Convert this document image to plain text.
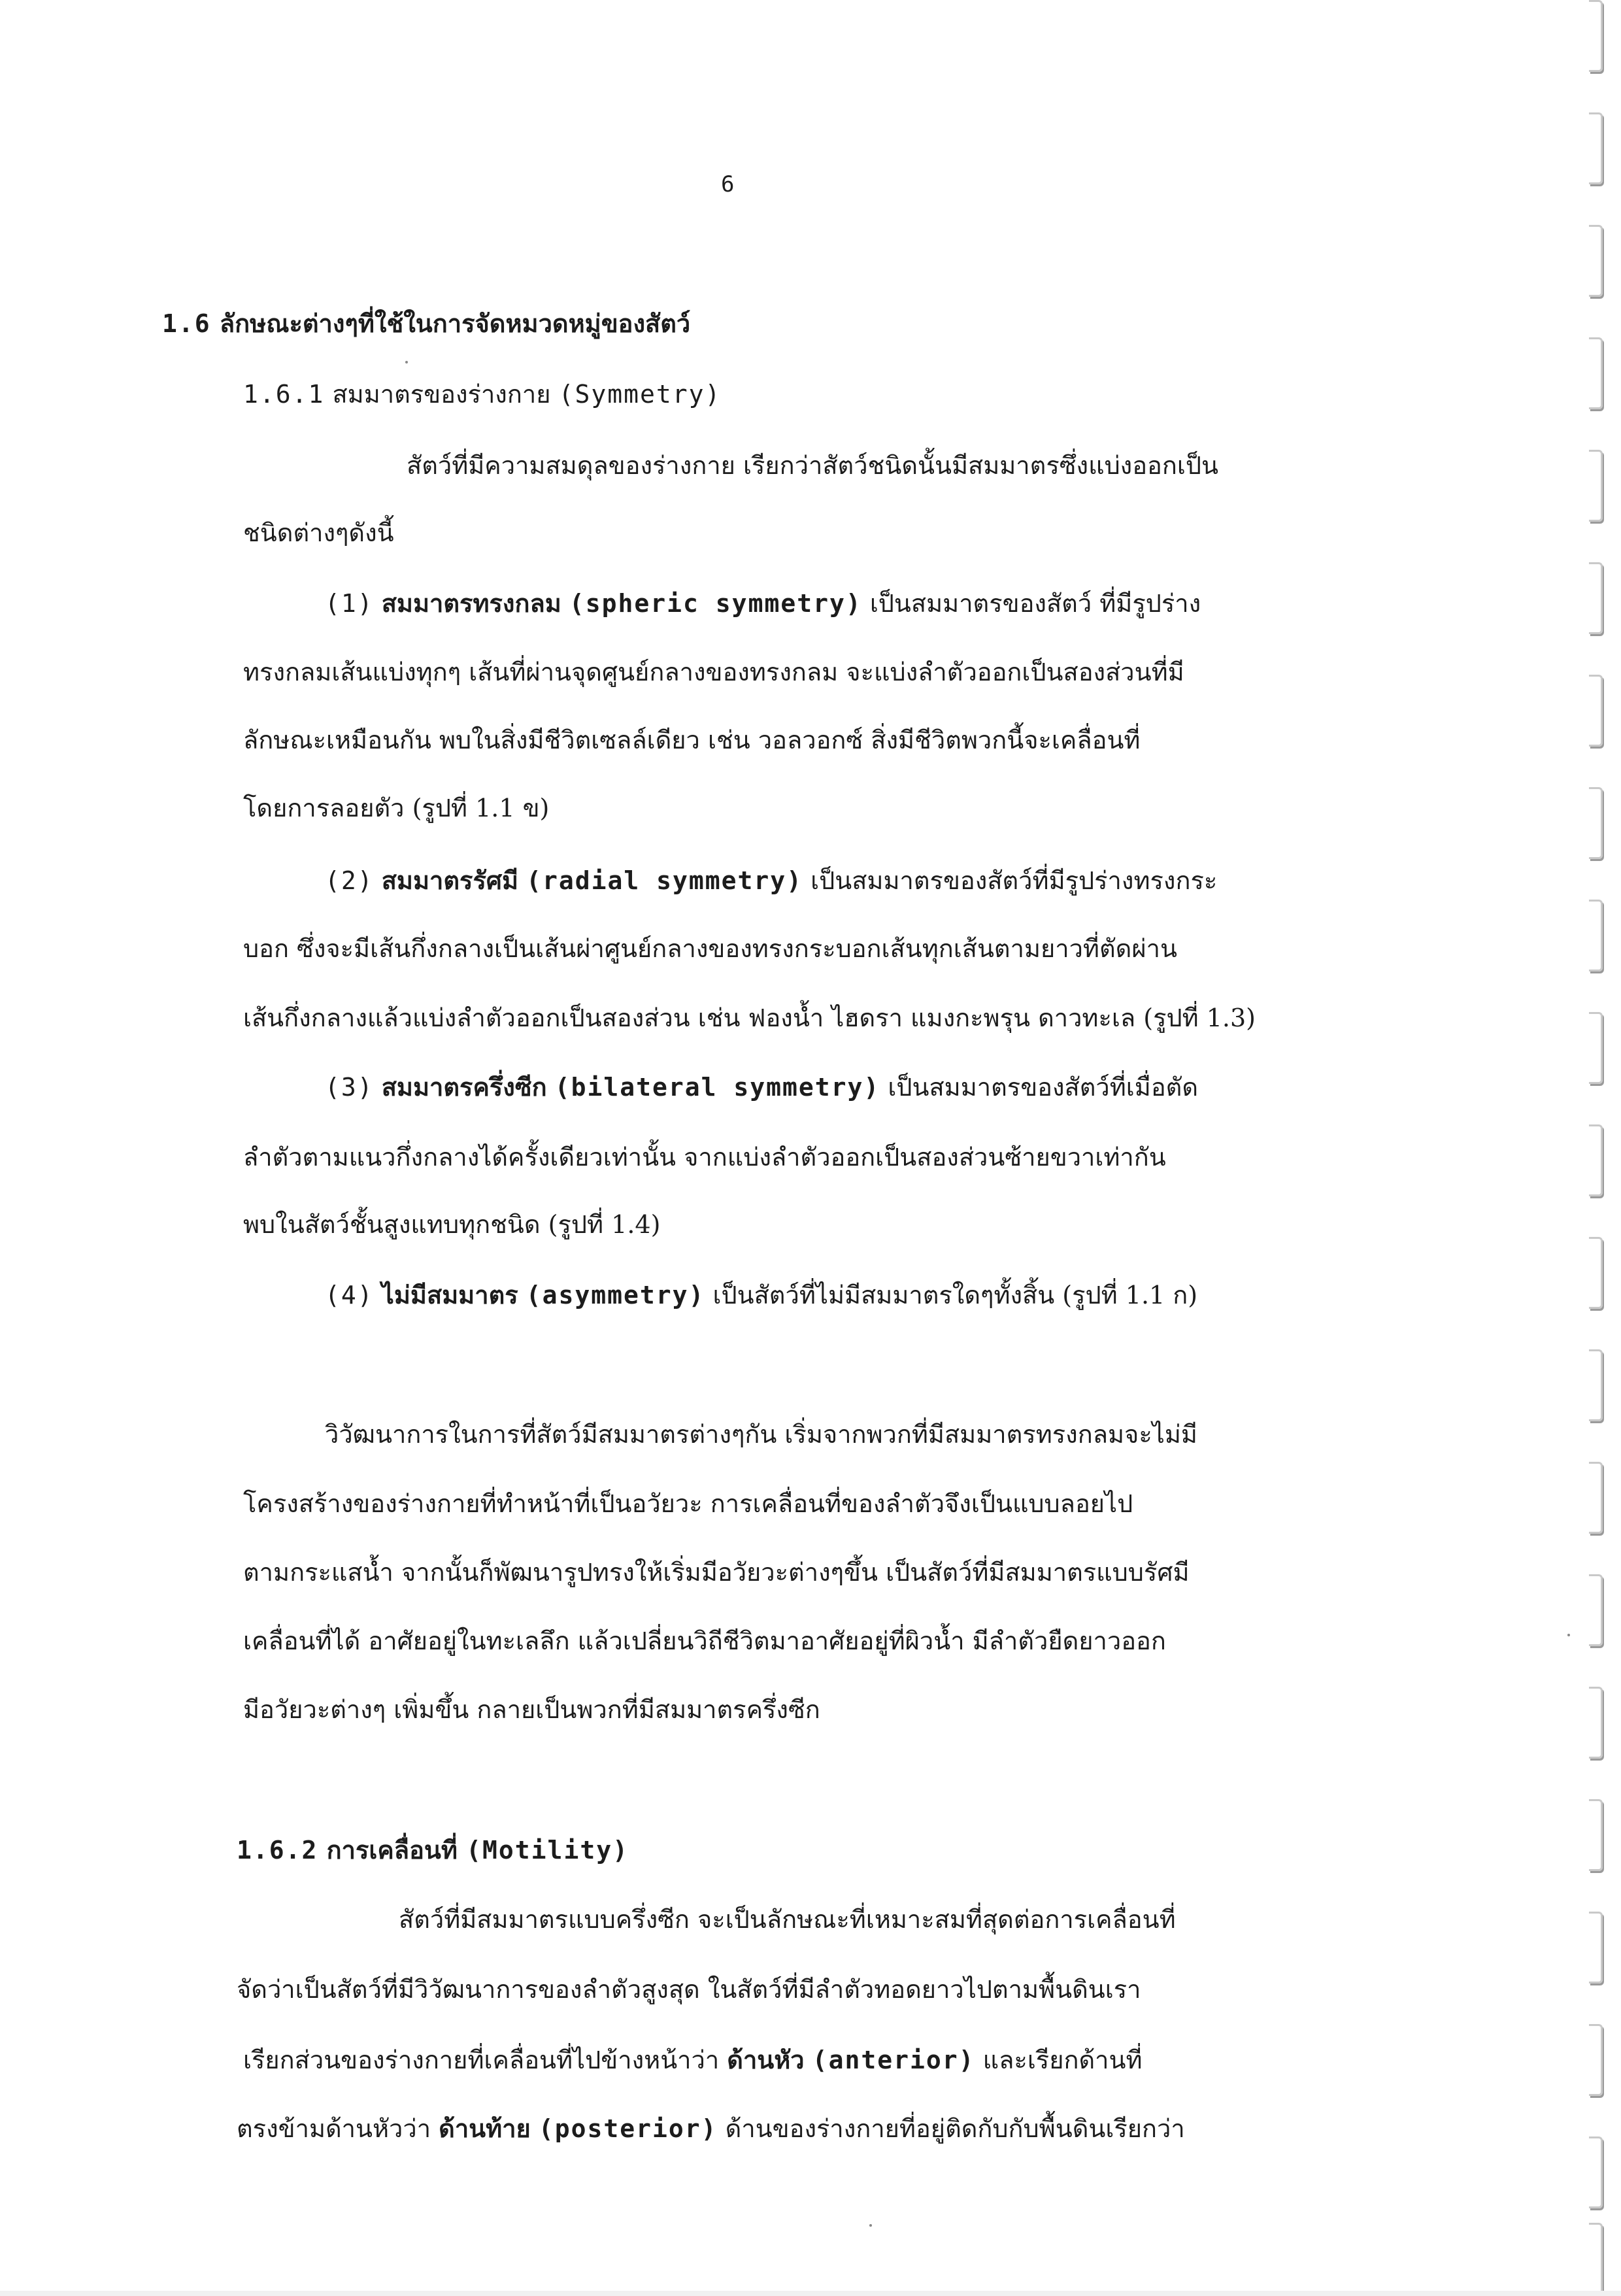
6
1.6 ลักษณะต่างๆที่ใช้ในการจัดหมวดหมู่ของสัตว์
1.6.1 สมมาตรของร่างกาย (Symmetry)
สัตว์ที่มีความสมดุลของร่างกาย เรียกว่าสัตว์ชนิดนั้นมีสมมาตรซึ่งแบ่งออกเป็น
ชนิดต่างๆดังนี้
(1) สมมาตรทรงกลม (spheric symmetry) เป็นสมมาตรของสัตว์ ที่มีรูปร่าง
ทรงกลมเส้นแบ่งทุกๆ เส้นที่ผ่านจุดศูนย์กลางของทรงกลม จะแบ่งลำตัวออกเป็นสองส่วนที่มี
ลักษณะเหมือนกัน พบในสิ่งมีชีวิตเซลล์เดียว เช่น วอลวอกซ์ สิ่งมีชีวิตพวกนี้จะเคลื่อนที่
โดยการลอยตัว (รูปที่ 1.1 ข)
(2) สมมาตรรัศมี (radial symmetry) เป็นสมมาตรของสัตว์ที่มีรูปร่างทรงกระ
บอก ซึ่งจะมีเส้นกึ่งกลางเป็นเส้นผ่าศูนย์กลางของทรงกระบอกเส้นทุกเส้นตามยาวที่ตัดผ่าน
เส้นกึ่งกลางแล้วแบ่งลำตัวออกเป็นสองส่วน เช่น ฟองน้ำ ไฮดรา แมงกะพรุน ดาวทะเล (รูปที่ 1.3)
(3) สมมาตรครึ่งซีก (bilateral symmetry) เป็นสมมาตรของสัตว์ที่เมื่อตัด
ลำตัวตามแนวกึ่งกลางได้ครั้งเดียวเท่านั้น จากแบ่งลำตัวออกเป็นสองส่วนซ้ายขวาเท่ากัน
พบในสัตว์ชั้นสูงแทบทุกชนิด (รูปที่ 1.4)
(4) ไม่มีสมมาตร (asymmetry) เป็นสัตว์ที่ไม่มีสมมาตรใดๆทั้งสิ้น (รูปที่ 1.1 ก)
วิวัฒนาการในการที่สัตว์มีสมมาตรต่างๆกัน เริ่มจากพวกที่มีสมมาตรทรงกลมจะไม่มี
โครงสร้างของร่างกายที่ทำหน้าที่เป็นอวัยวะ การเคลื่อนที่ของลำตัวจึงเป็นแบบลอยไป
ตามกระแสน้ำ จากนั้นก็พัฒนารูปทรงให้เริ่มมีอวัยวะต่างๆขึ้น เป็นสัตว์ที่มีสมมาตรแบบรัศมี
เคลื่อนที่ได้ อาศัยอยู่ในทะเลลึก แล้วเปลี่ยนวิถีชีวิตมาอาศัยอยู่ที่ผิวน้ำ มีลำตัวยืดยาวออก
มีอวัยวะต่างๆ เพิ่มขึ้น กลายเป็นพวกที่มีสมมาตรครึ่งซีก
1.6.2 การเคลื่อนที่ (Motility)
สัตว์ที่มีสมมาตรแบบครึ่งซีก จะเป็นลักษณะที่เหมาะสมที่สุดต่อการเคลื่อนที่
จัดว่าเป็นสัตว์ที่มีวิวัฒนาการของลำตัวสูงสุด ในสัตว์ที่มีลำตัวทอดยาวไปตามพื้นดินเรา
เรียกส่วนของร่างกายที่เคลื่อนที่ไปข้างหน้าว่า ด้านหัว (anterior) และเรียกด้านที่
ตรงข้ามด้านหัวว่า ด้านท้าย (posterior) ด้านของร่างกายที่อยู่ติดกับกับพื้นดินเรียกว่า
